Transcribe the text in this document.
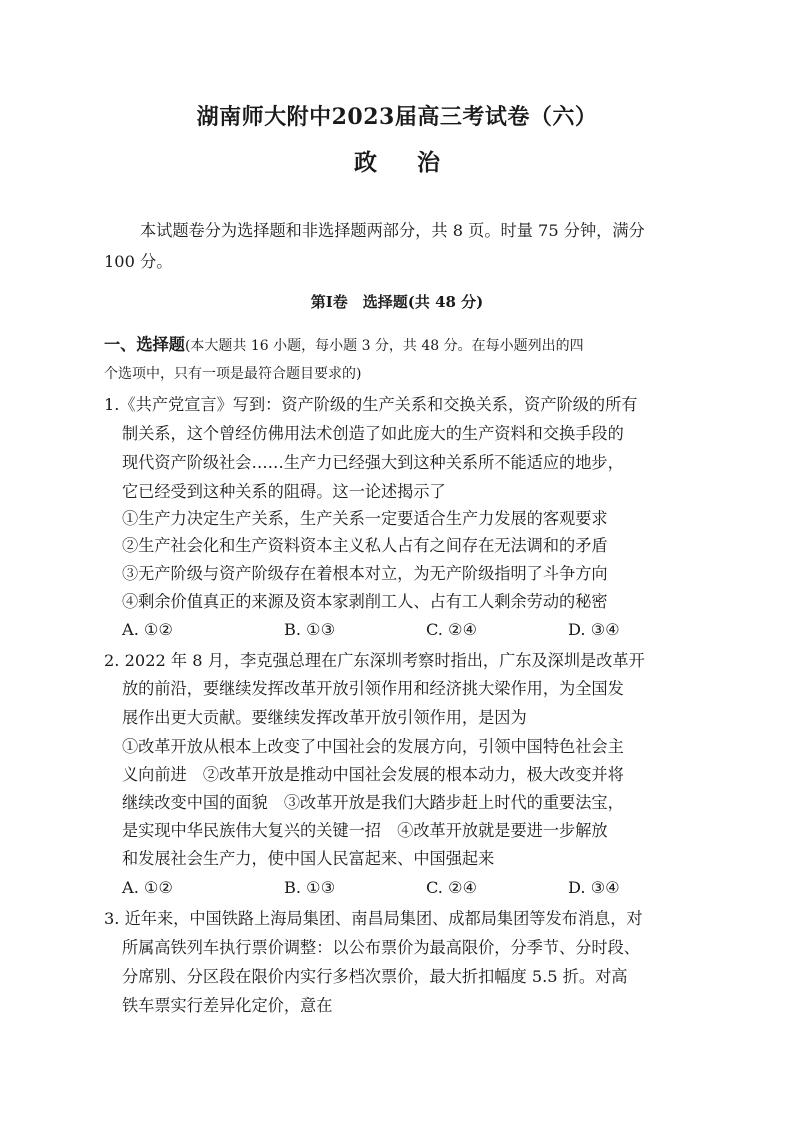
湖南师大附中2023届高三考试卷（六）
政 治
本试题卷分为选择题和非选择题两部分，共 8 页。时量 75 分钟，满分
100 分。
第Ⅰ卷　选择题(共 48 分)
一、选择题(本大题共 16 小题，每小题 3 分，共 48 分。在每小题列出的四
个选项中，只有一项是最符合题目要求的)
1.《共产党宣言》写到：资产阶级的生产关系和交换关系，资产阶级的所有
制关系，这个曾经仿佛用法术创造了如此庞大的生产资料和交换手段的
现代资产阶级社会……生产力已经强大到这种关系所不能适应的地步，
它已经受到这种关系的阻碍。这一论述揭示了
①生产力决定生产关系，生产关系一定要适合生产力发展的客观要求
②生产社会化和生产资料资本主义私人占有之间存在无法调和的矛盾
③无产阶级与资产阶级存在着根本对立，为无产阶级指明了斗争方向
④剩余价值真正的来源及资本家剥削工人、占有工人剩余劳动的秘密
A. ①②	B. ①③	C. ②④	D. ③④
2. 2022 年 8 月，李克强总理在广东深圳考察时指出，广东及深圳是改革开
放的前沿，要继续发挥改革开放引领作用和经济挑大梁作用，为全国发
展作出更大贡献。要继续发挥改革开放引领作用，是因为
①改革开放从根本上改变了中国社会的发展方向，引领中国特色社会主
义向前进　②改革开放是推动中国社会发展的根本动力，极大改变并将
继续改变中国的面貌　③改革开放是我们大踏步赶上时代的重要法宝，
是实现中华民族伟大复兴的关键一招　④改革开放就是要进一步解放
和发展社会生产力，使中国人民富起来、中国强起来
A. ①②	B. ①③	C. ②④	D. ③④
3. 近年来，中国铁路上海局集团、南昌局集团、成都局集团等发布消息，对
所属高铁列车执行票价调整：以公布票价为最高限价，分季节、分时段、
分席别、分区段在限价内实行多档次票价，最大折扣幅度 5.5 折。对高
铁车票实行差异化定价，意在
